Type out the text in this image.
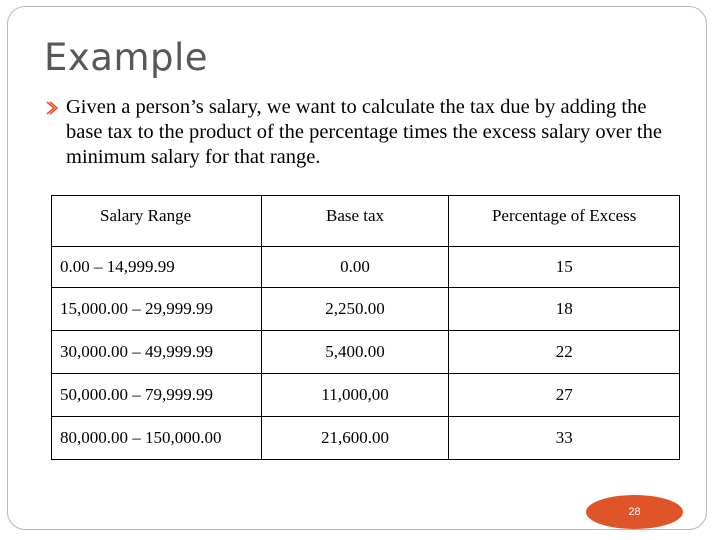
Example
Given a person’s salary, we want to calculate the tax due by adding the base tax to the product of the percentage times the excess salary over the minimum salary for that range.
Salary Range	Base tax	Percentage of Excess
0.00 – 14,999.99	0.00	15
15,000.00 – 29,999.99	2,250.00	18
30,000.00 – 49,999.99	5,400.00	22
50,000.00 – 79,999.99	11,000,00	27
80,000.00 – 150,000.00	21,600.00	33
28
